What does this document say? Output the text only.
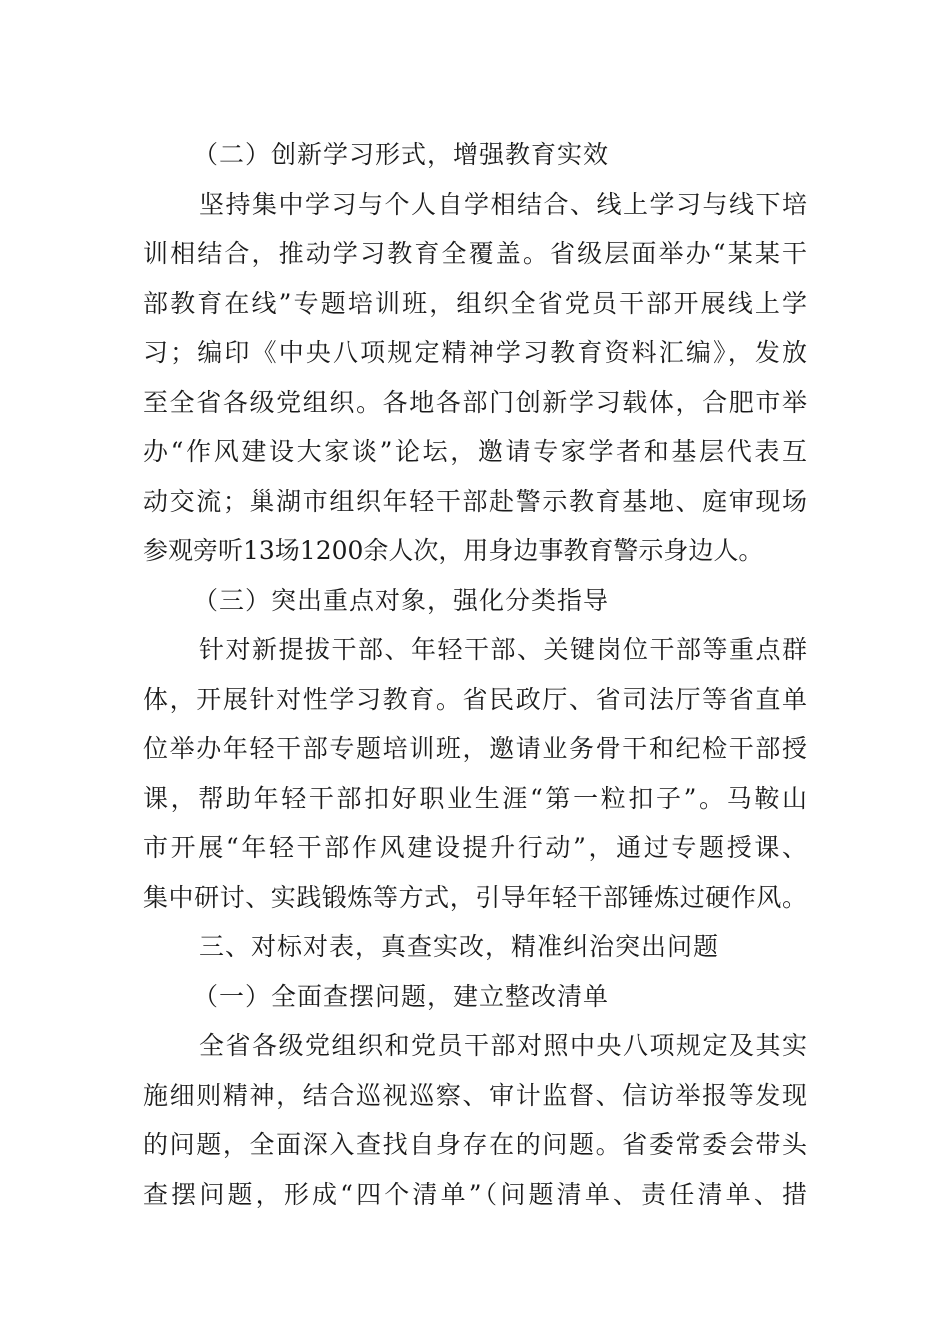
（二）创新学习形式，增强教育实效
坚持集中学习与个人自学相结合、线上学习与线下培
训相结合，推动学习教育全覆盖。省级层面举办“某某干
部教育在线”专题培训班，组织全省党员干部开展线上学
习；编印《中央八项规定精神学习教育资料汇编》，发放
至全省各级党组织。各地各部门创新学习载体，合肥市举
办“作风建设大家谈”论坛，邀请专家学者和基层代表互
动交流；巢湖市组织年轻干部赴警示教育基地、庭审现场
参观旁听13场1200余人次，用身边事教育警示身边人。
（三）突出重点对象，强化分类指导
针对新提拔干部、年轻干部、关键岗位干部等重点群
体，开展针对性学习教育。省民政厅、省司法厅等省直单
位举办年轻干部专题培训班，邀请业务骨干和纪检干部授
课，帮助年轻干部扣好职业生涯“第一粒扣子”。马鞍山
市开展“年轻干部作风建设提升行动”，通过专题授课、
集中研讨、实践锻炼等方式，引导年轻干部锤炼过硬作风。
三、对标对表，真查实改，精准纠治突出问题
（一）全面查摆问题，建立整改清单
全省各级党组织和党员干部对照中央八项规定及其实
施细则精神，结合巡视巡察、审计监督、信访举报等发现
的问题，全面深入查找自身存在的问题。省委常委会带头
查摆问题，形成“四个清单”（问题清单、责任清单、措
